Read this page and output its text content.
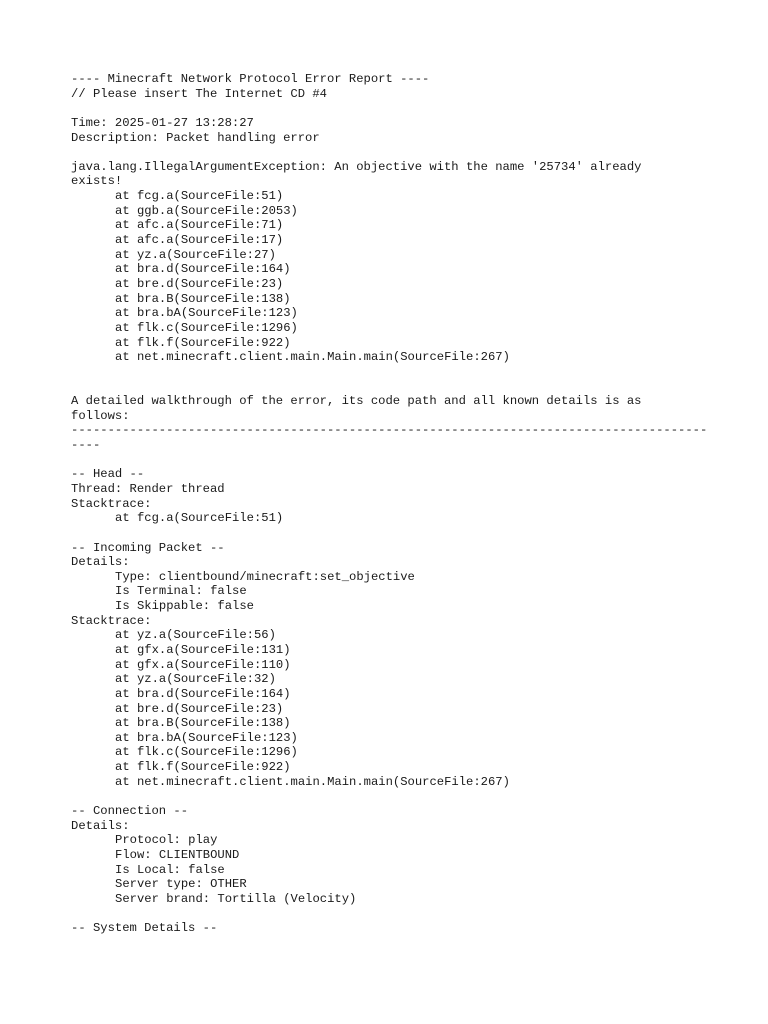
---- Minecraft Network Protocol Error Report ----
// Please insert The Internet CD #4
Time: 2025-01-27 13:28:27
Description: Packet handling error
java.lang.IllegalArgumentException: An objective with the name '25734' already
exists!
at fcg.a(SourceFile:51)
at ggb.a(SourceFile:2053)
at afc.a(SourceFile:71)
at afc.a(SourceFile:17)
at yz.a(SourceFile:27)
at bra.d(SourceFile:164)
at bre.d(SourceFile:23)
at bra.B(SourceFile:138)
at bra.bA(SourceFile:123)
at flk.c(SourceFile:1296)
at flk.f(SourceFile:922)
at net.minecraft.client.main.Main.main(SourceFile:267)
A detailed walkthrough of the error, its code path and all known details is as
follows:
---------------------------------------------------------------------------------------
----
-- Head --
Thread: Render thread
Stacktrace:
at fcg.a(SourceFile:51)
-- Incoming Packet --
Details:
Type: clientbound/minecraft:set_objective
Is Terminal: false
Is Skippable: false
Stacktrace:
at yz.a(SourceFile:56)
at gfx.a(SourceFile:131)
at gfx.a(SourceFile:110)
at yz.a(SourceFile:32)
at bra.d(SourceFile:164)
at bre.d(SourceFile:23)
at bra.B(SourceFile:138)
at bra.bA(SourceFile:123)
at flk.c(SourceFile:1296)
at flk.f(SourceFile:922)
at net.minecraft.client.main.Main.main(SourceFile:267)
-- Connection --
Details:
Protocol: play
Flow: CLIENTBOUND
Is Local: false
Server type: OTHER
Server brand: Tortilla (Velocity)
-- System Details --
